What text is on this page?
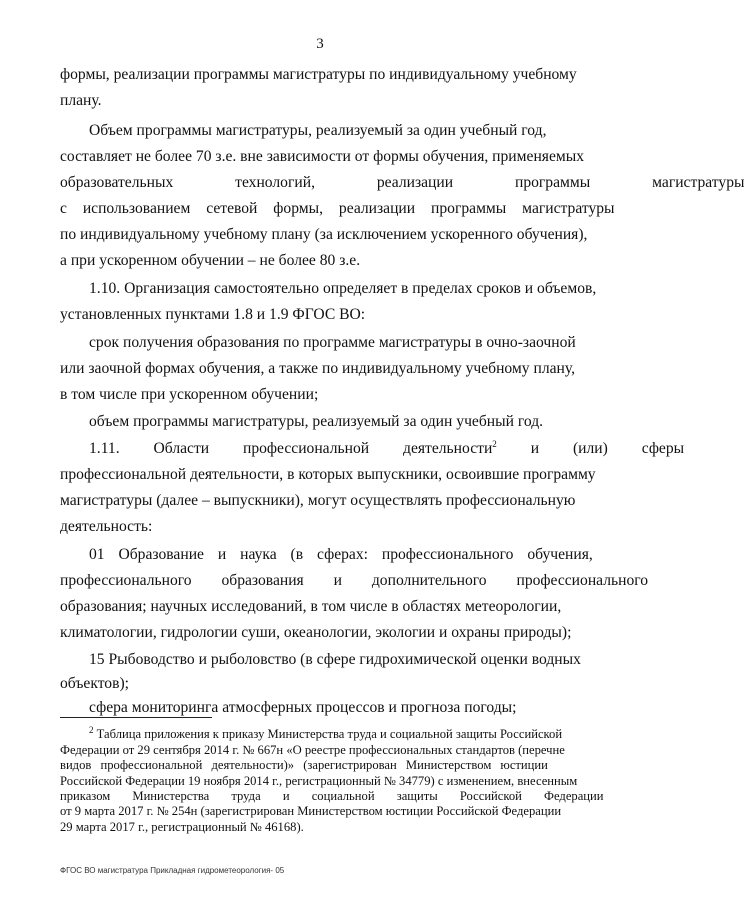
3
формы, реализации программы магистратуры по индивидуальному учебному
плану.
Объем программы магистратуры, реализуемый за один учебный год,
составляет не более 70 з.е. вне зависимости от формы обучения, применяемых
образовательных технологий, реализации программы магистратуры
с использованием сетевой формы, реализации программы магистратуры
по индивидуальному учебному плану (за исключением ускоренного обучения),
а при ускоренном обучении – не более 80 з.е.
1.10. Организация самостоятельно определяет в пределах сроков и объемов,
установленных пунктами 1.8 и 1.9 ФГОС ВО:
срок получения образования по программе магистратуры в очно-заочной
или заочной формах обучения, а также по индивидуальному учебному плану,
в том числе при ускоренном обучении;
объем программы магистратуры, реализуемый за один учебный год.
1.11. Области профессиональной деятельности$^2$ и (или) сферы
профессиональной деятельности, в которых выпускники, освоившие программу
магистратуры (далее – выпускники), могут осуществлять профессиональную
деятельность:
01 Образование и наука (в сферах: профессионального обучения,
профессионального образования и дополнительного профессионального
образования; научных исследований, в том числе в областях метеорологии,
климатологии, гидрологии суши, океанологии, экологии и охраны природы);
15 Рыбоводство и рыболовство (в сфере гидрохимической оценки водных
объектов);
сфера мониторинга атмосферных процессов и прогноза погоды;
$^2$ Таблица приложения к приказу Министерства труда и социальной защиты Российской
Федерации от 29 сентября 2014 г. № 667н «О реестре профессиональных стандартов (перечне
видов профессиональной деятельности)» (зарегистрирован Министерством юстиции
Российской Федерации 19 ноября 2014 г., регистрационный № 34779) с изменением, внесенным
приказом Министерства труда и социальной защиты Российской Федерации
от 9 марта 2017 г. № 254н (зарегистрирован Министерством юстиции Российской Федерации
29 марта 2017 г., регистрационный № 46168).
ФГОС ВО магистратура Прикладная гидрометеорология- 05
